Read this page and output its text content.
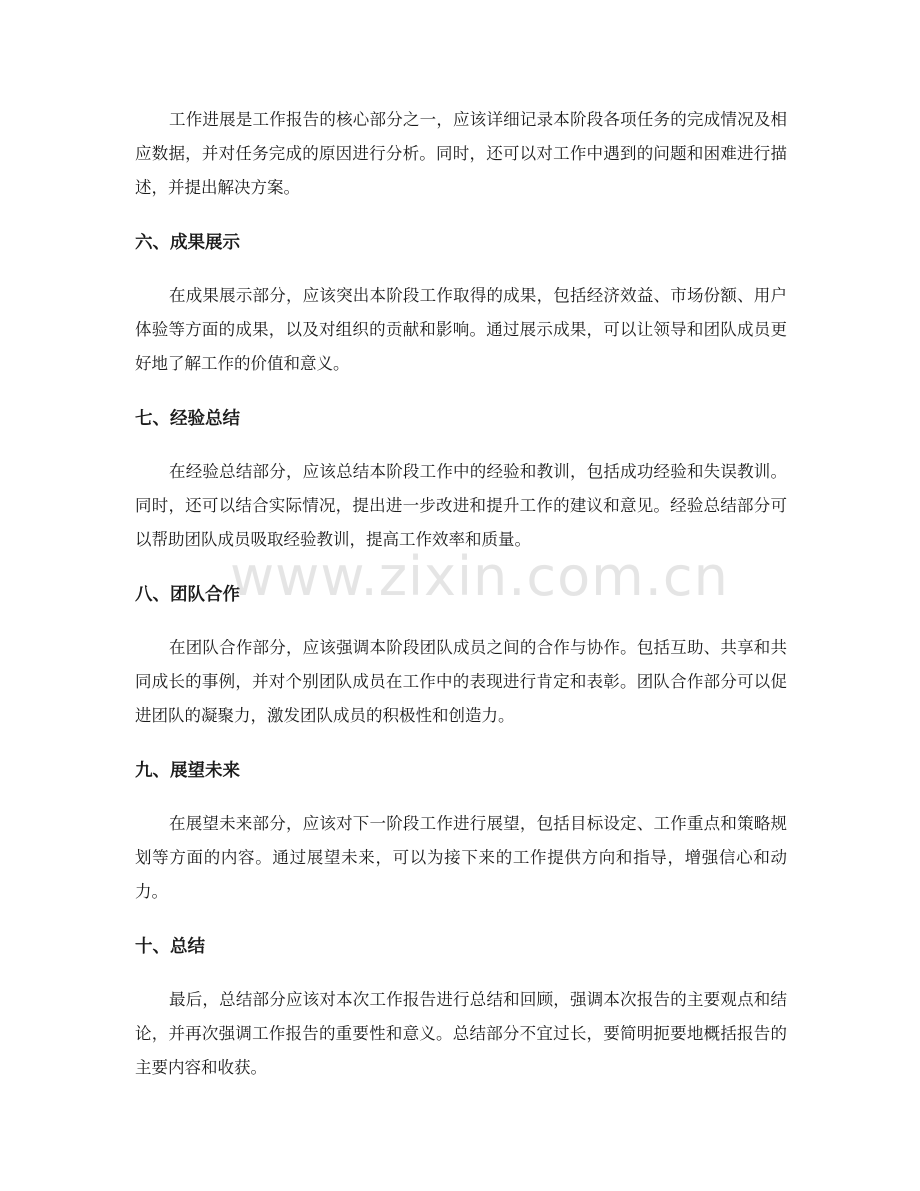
工作进展是工作报告的核心部分之一，应该详细记录本阶段各项任务的完成情况及相应数据，并对任务完成的原因进行分析。同时，还可以对工作中遇到的问题和困难进行描述，并提出解决方案。

六、成果展示

在成果展示部分，应该突出本阶段工作取得的成果，包括经济效益、市场份额、用户体验等方面的成果，以及对组织的贡献和影响。通过展示成果，可以让领导和团队成员更好地了解工作的价值和意义。

七、经验总结

在经验总结部分，应该总结本阶段工作中的经验和教训，包括成功经验和失误教训。同时，还可以结合实际情况，提出进一步改进和提升工作的建议和意见。经验总结部分可以帮助团队成员吸取经验教训，提高工作效率和质量。

八、团队合作

在团队合作部分，应该强调本阶段团队成员之间的合作与协作。包括互助、共享和共同成长的事例，并对个别团队成员在工作中的表现进行肯定和表彰。团队合作部分可以促进团队的凝聚力，激发团队成员的积极性和创造力。

九、展望未来

在展望未来部分，应该对下一阶段工作进行展望，包括目标设定、工作重点和策略规划等方面的内容。通过展望未来，可以为接下来的工作提供方向和指导，增强信心和动力。

十、总结

最后，总结部分应该对本次工作报告进行总结和回顾，强调本次报告的主要观点和结论，并再次强调工作报告的重要性和意义。总结部分不宜过长，要简明扼要地概括报告的主要内容和收获。

www.zixin.com.cn
